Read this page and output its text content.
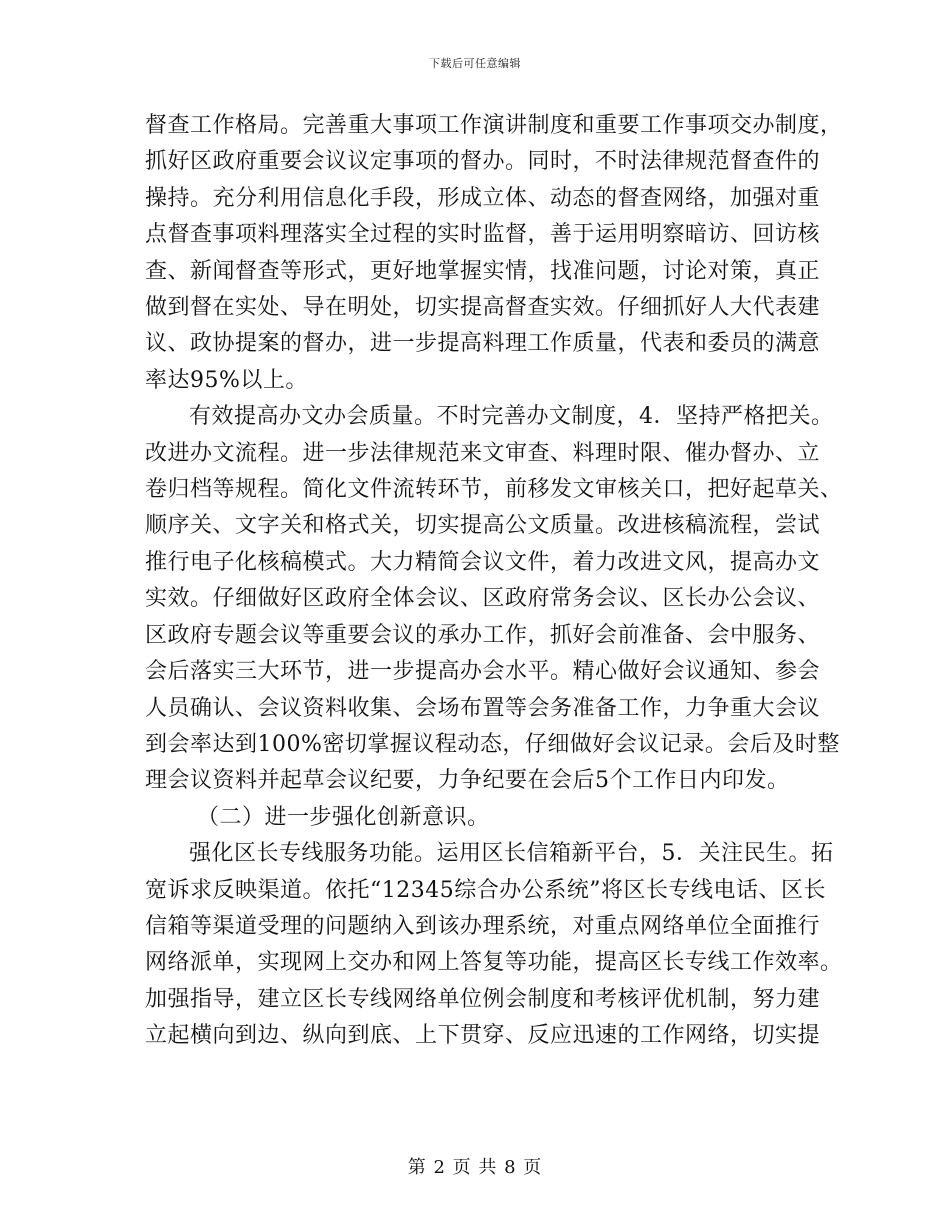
下载后可任意编辑

督查工作格局。完善重大事项工作演讲制度和重要工作事项交办制度，
抓好区政府重要会议议定事项的督办。同时，不时法律规范督查件的
操持。充分利用信息化手段，形成立体、动态的督查网络，加强对重
点督查事项料理落实全过程的实时监督，善于运用明察暗访、回访核
查、新闻督查等形式，更好地掌握实情，找准问题，讨论对策，真正
做到督在实处、导在明处，切实提高督查实效。仔细抓好人大代表建
议、政协提案的督办，进一步提高料理工作质量，代表和委员的满意
率达95%以上。

有效提高办文办会质量。不时完善办文制度，4．坚持严格把关。
改进办文流程。进一步法律规范来文审查、料理时限、催办督办、立
卷归档等规程。简化文件流转环节，前移发文审核关口，把好起草关、
顺序关、文字关和格式关，切实提高公文质量。改进核稿流程，尝试
推行电子化核稿模式。大力精简会议文件，着力改进文风，提高办文
实效。仔细做好区政府全体会议、区政府常务会议、区长办公会议、
区政府专题会议等重要会议的承办工作，抓好会前准备、会中服务、
会后落实三大环节，进一步提高办会水平。精心做好会议通知、参会
人员确认、会议资料收集、会场布置等会务准备工作，力争重大会议
到会率达到100%密切掌握议程动态，仔细做好会议记录。会后及时整
理会议资料并起草会议纪要，力争纪要在会后5个工作日内印发。

（二）进一步强化创新意识。

强化区长专线服务功能。运用区长信箱新平台，5．关注民生。拓
宽诉求反映渠道。依托“12345综合办公系统”将区长专线电话、区长
信箱等渠道受理的问题纳入到该办理系统，对重点网络单位全面推行
网络派单，实现网上交办和网上答复等功能，提高区长专线工作效率。
加强指导，建立区长专线网络单位例会制度和考核评优机制，努力建
立起横向到边、纵向到底、上下贯穿、反应迅速的工作网络，切实提

第 2 页 共 8 页
